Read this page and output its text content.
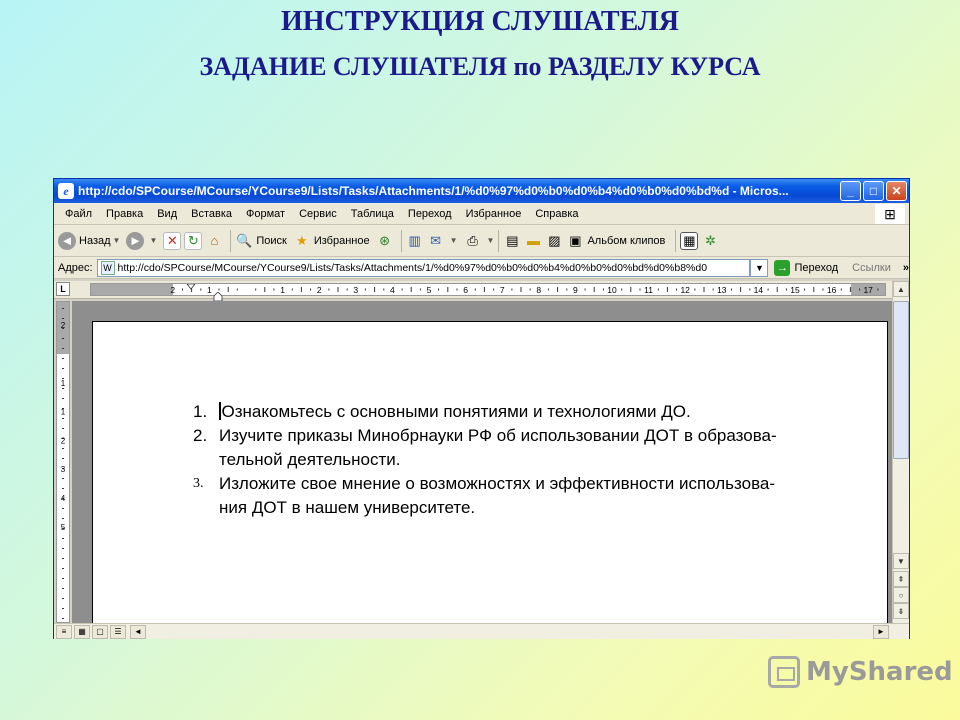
ИНСТРУКЦИЯ СЛУШАТЕЛЯ
ЗАДАНИЕ СЛУШАТЕЛЯ по РАЗДЕЛУ КУРСА
e http://cdo/SPCourse/MCourse/YCourse9/Lists/Tasks/Attachments/1/%d0%97%d0%b0%d0%b4%d0%b0%d0%bd%d - Micros...	_	□	✕
Файл	Правка	Вид	Вставка	Формат	Сервис	Таблица	Переход	Избранное	Справка	⊞
◄ Назад ▼ ► ▼ ✕ ↻ ⌂	🔍 Поиск ★ Избранное ⊛ ▥ ✉	▼ ⎙	▼ ▤ ▬ ▨ ▣ Альбом клипов ▦ ✲
Адрес:	W http://cdo/SPCourse/MCourse/YCourse9/Lists/Tasks/Attachments/1/%d0%97%d0%b0%d0%b4%d0%b0%d0%bd%d0%b8%d0	▼ → Переход Ссылки »
L	2	1	1	2	3	4	5	6	7	8	9	10	11	12	13	14	15	16	17
2
1
1
2
3
4
5
1. Ознакомьтесь с основными понятиями и технологиями ДО.
2. Изучите приказы Минобрнауки РФ об использовании ДОТ в образова-
тельной деятельности.
3. Изложите свое мнение о возможностях и эффективности использова-
ния ДОТ в нашем университете.
▲
▼
⇞
○
⇟
≡	▦	▢	☰	◄	►
MyShared
